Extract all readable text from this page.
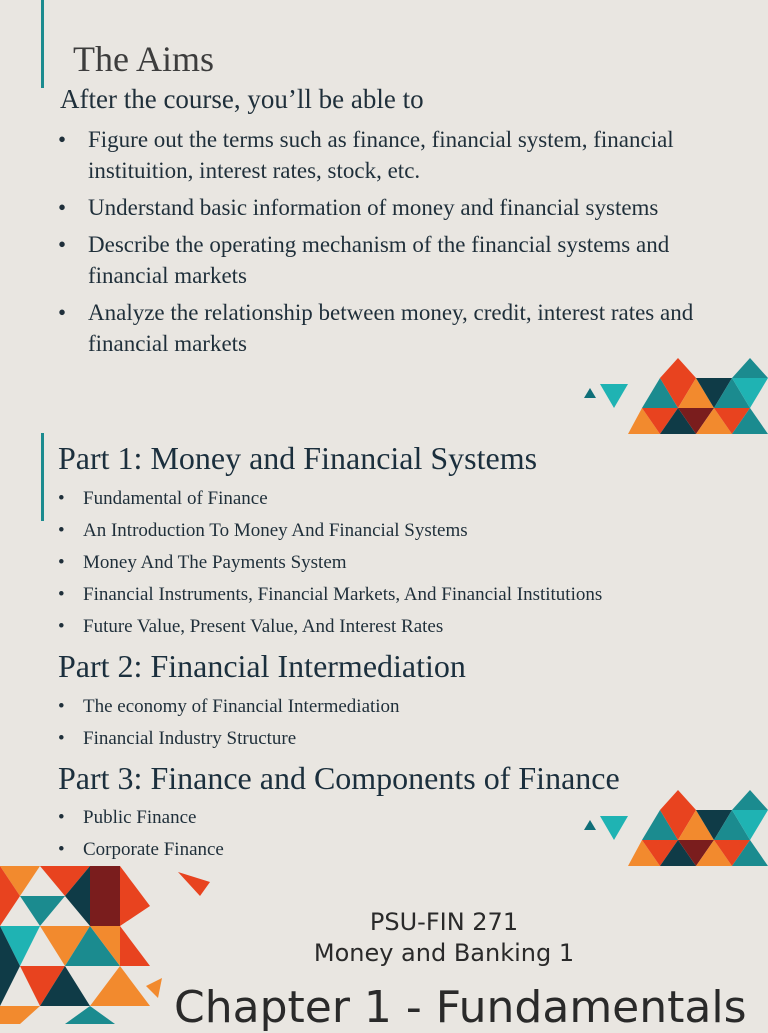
The Aims
After the course, you’ll be able to
• Figure out the terms such as finance, financial system, financial instituition, interest rates, stock, etc.
• Understand basic information of money and financial systems
• Describe the operating mechanism of the financial systems and financial markets
• Analyze the relationship between money, credit, interest rates and financial markets
Part 1: Money and Financial Systems
• Fundamental of Finance
• An Introduction To Money And Financial Systems
• Money And The Payments System
• Financial Instruments, Financial Markets, And Financial Institutions
• Future Value, Present Value, And Interest Rates
Part 2: Financial Intermediation
• The economy of Financial Intermediation
• Financial Industry Structure
Part 3: Finance and Components of Finance
• Public Finance
• Corporate Finance
PSU-FIN 271
Money and Banking 1
Chapter 1 - Fundamentals
